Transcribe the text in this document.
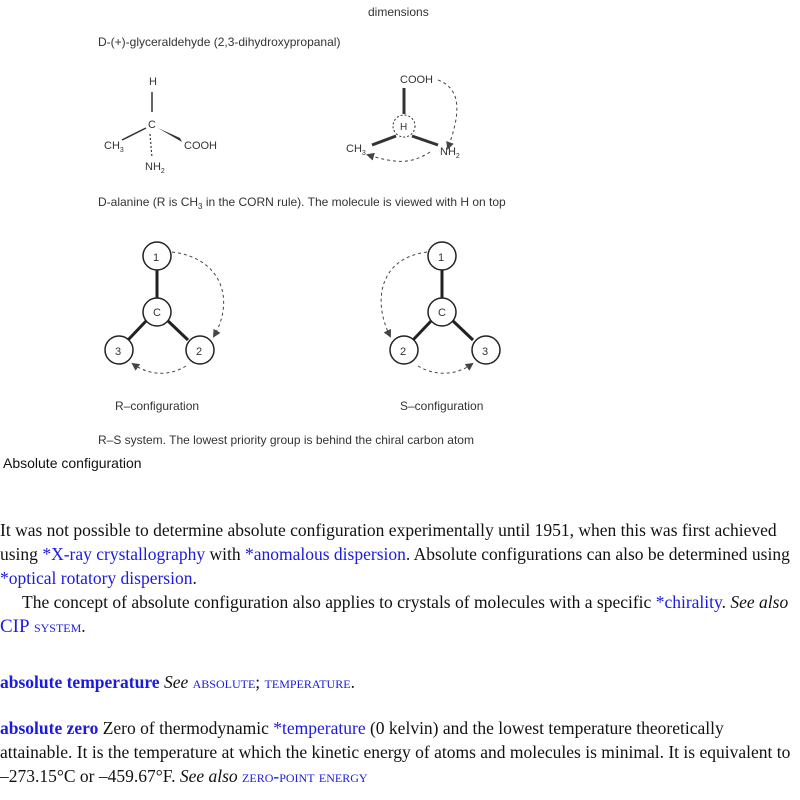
dimensions
D-(+)-glyceraldehyde (2,3-dihydroxypropanal)
H
C
$CH_3$	COOH
$NH_2$
COOH
H
$CH_3$	$NH_2$
D-alanine (R is $CH_3$ in the CORN rule). The molecule is viewed with H on top
1
C
3	2
R–configuration
1
C
2	3
S–configuration
R–S system. The lowest priority group is behind the chiral carbon atom
Absolute configuration

It was not possible to determine absolute configuration experimentally until 1951, when this was first achieved using *X-ray crystallography with *anomalous dispersion. Absolute configurations can also be determined using *optical rotatory dispersion.

The concept of absolute configuration also applies to crystals of molecules with a specific *chirality. See also CIP system.

absolute temperature See absolute; temperature.

absolute zero Zero of thermodynamic *temperature (0 kelvin) and the lowest temperature theoretically attainable. It is the temperature at which the kinetic energy of atoms and molecules is minimal. It is equivalent to –273.15°C or –459.67°F. See also zero-point energy
